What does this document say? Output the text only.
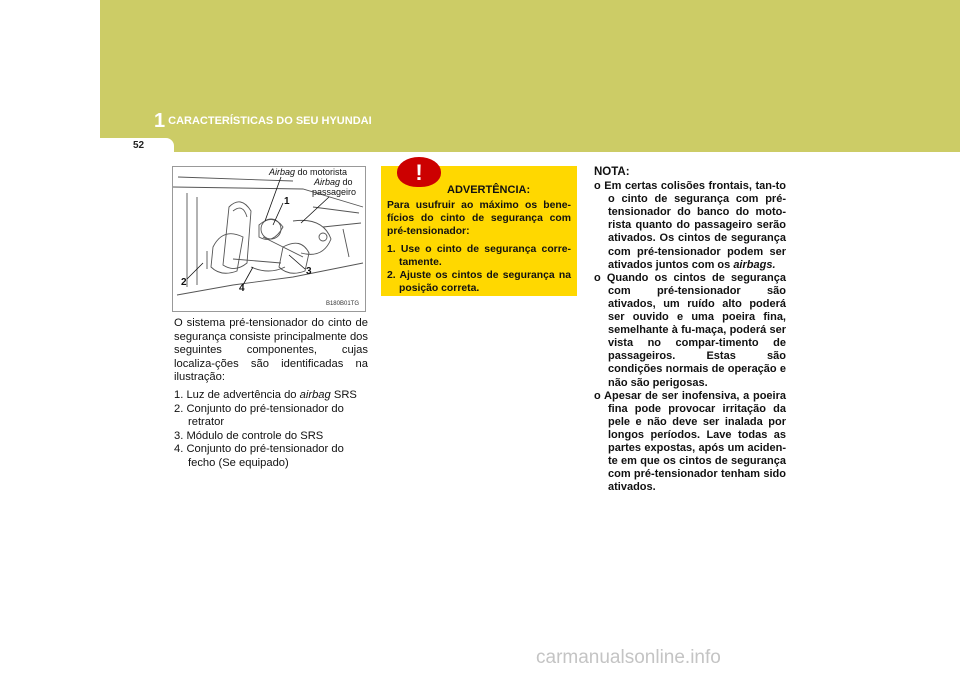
1 CARACTERÍSTICAS DO SEU HYUNDAI
52
Airbag do motorista
Airbag do
passageiro
1
2
3
4
B180B01TG

O sistema pré-tensionador do cinto de segurança consiste principalmente dos seguintes componentes, cujas localiza-ções são identificadas na ilustração:

1. Luz de advertência do airbag SRS
2. Conjunto do pré-tensionador do retrator
3. Módulo de controle do SRS
4. Conjunto do pré-tensionador do fecho (Se equipado)
!
ADVERTÊNCIA:

Para usufruir ao máximo os bene-fícios do cinto de segurança com pré-tensionador:

1. Use o cinto de segurança corre-tamente.
2. Ajuste os cintos de segurança na posição correta.
NOTA:
o Em certas colisões frontais, tan-to o cinto de segurança com pré-tensionador do banco do moto-rista quanto do passageiro serão ativados. Os cintos de segurança com pré-tensionador podem ser ativados juntos com os airbags.
o Quando os cintos de segurança com pré-tensionador são ativados, um ruído alto poderá ser ouvido e uma poeira fina, semelhante à fu-maça, poderá ser vista no compar-timento de passageiros. Estas são condições normais de operação e não são perigosas.
o Apesar de ser inofensiva, a poeira fina pode provocar irritação da pele e não deve ser inalada por longos períodos. Lave todas as partes expostas, após um aciden-te em que os cintos de segurança com pré-tensionador tenham sido ativados.
carmanualsonline.info
